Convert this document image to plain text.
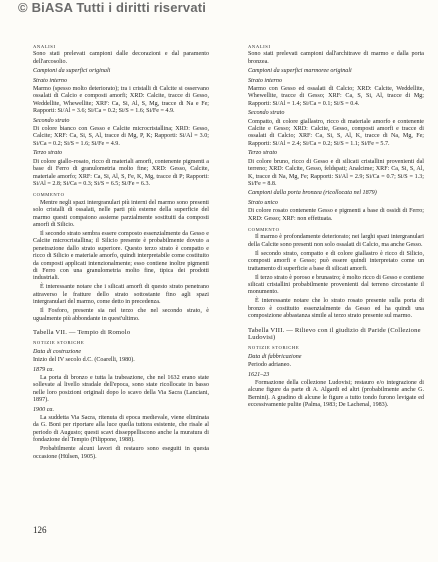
© BiASA Tutti i diritti riservati
ANALISI

Sono stati prelevati campioni dalle decorazioni e dal paramento dell'arcosolio.

Campioni da superfici originali
Strato interno

Marmo (spesso molto deteriorato); tra i cristalli di Calcite si osservano ossalati di Calcio e composti amorfi; XRD: Calcite, tracce di Gesso, Weddellite, Whewellite; XRF: Ca, Si, Al, S, Mg, tracce di Na e Fe; Rapporti: Si/Al = 3.6; Si/Ca = 0.2; Si/S = 1.6; Si/Fe = 4.9.

Secondo strato

Di colore bianco con Gesso e Calcite microcristallina; XRD: Gesso, Calcite; XRF: Ca, Si, S, Al, tracce di Mg, P, K; Rapporti: Si/Al = 3.0; Si/Ca = 0.2; Si/S = 1.6; Si/Fe = 4.9.

Terzo strato

Di colore giallo-rosato, ricco di materiali amorfi, contenente pigmenti a base di Ferro di granulometria molto fine; XRD: Gesso, Calcite, materiale amorfo; XRF: Ca, Si, Al, S, Fe, K, Mg, tracce di P; Rapporti: Si/Al = 2.8; Si/Ca = 0.3; Si/S = 6.5; Si/Fe = 6.3.

COMMENTO

Mentre negli spazi intergranulari più interni del marmo sono presenti solo cristalli di ossalati, nelle parti più esterne della superficie del marmo questi compaiono assieme parzialmente sostituiti da composti amorfi di Silicio.

Il secondo strato sembra essere composto essenzialmente da Gesso e Calcite microcristallina; il Silicio presente è probabilmente dovuto a penetrazione dallo strato superiore. Questo terzo strato è compatto e ricco di Silicio e materiale amorfo, quindi interpretabile come costituito da composti applicati intenzionalmente; esso contiene inoltre pigmenti di Ferro con una granulometria molto fine, tipica dei prodotti industriali.

È interessante notare che i silicati amorfi di questo strato penetrano attraverso le fratture dello strato sottostante fino agli spazi intergranulari del marmo, come detto in precedenza.

Il Fosforo, presente sia nel terzo che nel secondo strato, è ugualmente più abbondante in quest'ultimo.

Tabella VII. — Tempio di Romolo
NOTIZIE STORICHE
Data di costruzione

Inizio del IV secolo d.C. (Coarelli, 1980).

1879 ca.

La porta di bronzo e tutta la trabeazione, che nel 1632 erano state sollevate al livello stradale dell'epoca, sono state ricollocate in basso nelle loro posizioni originali dopo lo scavo della Via Sacra (Lanciani, 1897).

1900 ca.

La suddetta Via Sacra, ritenuta di epoca medievale, viene eliminata da G. Boni per riportare alla luce quella tuttora esistente, che risale al periodo di Augusto; questi scavi disseppelliscono anche la muratura di fondazione del Tempio (Filippone, 1988).

Probabilmente alcuni lavori di restauro sono eseguiti in questa occasione (Hülsen, 1905).

ANALISI

Sono stati prelevati campioni dall'architrave di marmo e dalla porta bronzea.

Campioni da superfici marmoree originali
Strato interno

Marmo con Gesso ed ossalati di Calcio; XRD: Calcite, Weddellite, Whewellite, tracce di Gesso; XRF: Ca, S, Si, Al, tracce di Mg; Rapporti: Si/Al = 1.4; Si/Ca = 0.1; Si/S = 0.4.

Secondo strato

Compatto, di colore giallastro, ricco di materiale amorfo e contenente Calcite e Gesso; XRD: Calcite, Gesso, composti amorfi e tracce di ossalati di Calcio; XRF: Ca, Si, S, Al, K, tracce di Na, Mg, Fe; Rapporti: Si/Al = 2.4; Si/Ca = 0.2; Si/S = 1.1; Si/Fe = 5.7.

Terzo strato

Di colore bruno, ricco di Gesso e di silicati cristallini provenienti dal terreno; XRD: Calcite, Gesso, feldspati; Analcime; XRF: Ca, Si, S, Al, K, tracce di Na, Mg, Fe; Rapporti: Si/Al = 2.9; Si/Ca = 0.7; Si/S = 1.3; Si/Fe = 8.8.

Campioni dalla porta bronzea (ricollocata nel 1879)
Strato unico

Di colore rosato contenente Gesso e pigmenti a base di ossidi di Ferro; XRD: Gesso; XRF: non effettuata.

COMMENTO

Il marmo è profondamente deteriorato; nei larghi spazi intergranulari della Calcite sono presenti non solo ossalati di Calcio, ma anche Gesso.

Il secondo strato, compatto e di colore giallastro è ricco di Silicio, composti amorfi e Gesso; può essere quindi interpretato come un trattamento di superficie a base di silicati amorfi.

Il terzo strato è poroso e brunastro; è molto ricco di Gesso e contiene silicati cristallini probabilmente provenienti dal terreno circostante il monumento.

È interessante notare che lo strato rosato presente sulla porta di bronzo è costituito essenzialmente da Gesso ed ha quindi una composizione abbastanza simile al terzo strato presente sul marmo.

Tabella VIII. — Rilievo con il giudizio di Paride (Collezione Ludovisi)
NOTIZIE STORICHE
Data di fabbricazione

Periodo adrianeo.

1621–23

Formazione della collezione Ludovisi; restauro e/o integrazione di alcune figure da parte di A. Algardi ed altri (probabilmente anche G. Bernini). A gradino di alcune le figure a tutto tondo furono levigate ed eccessivamente pulite (Palma, 1983; De Lachenal, 1983).

126
